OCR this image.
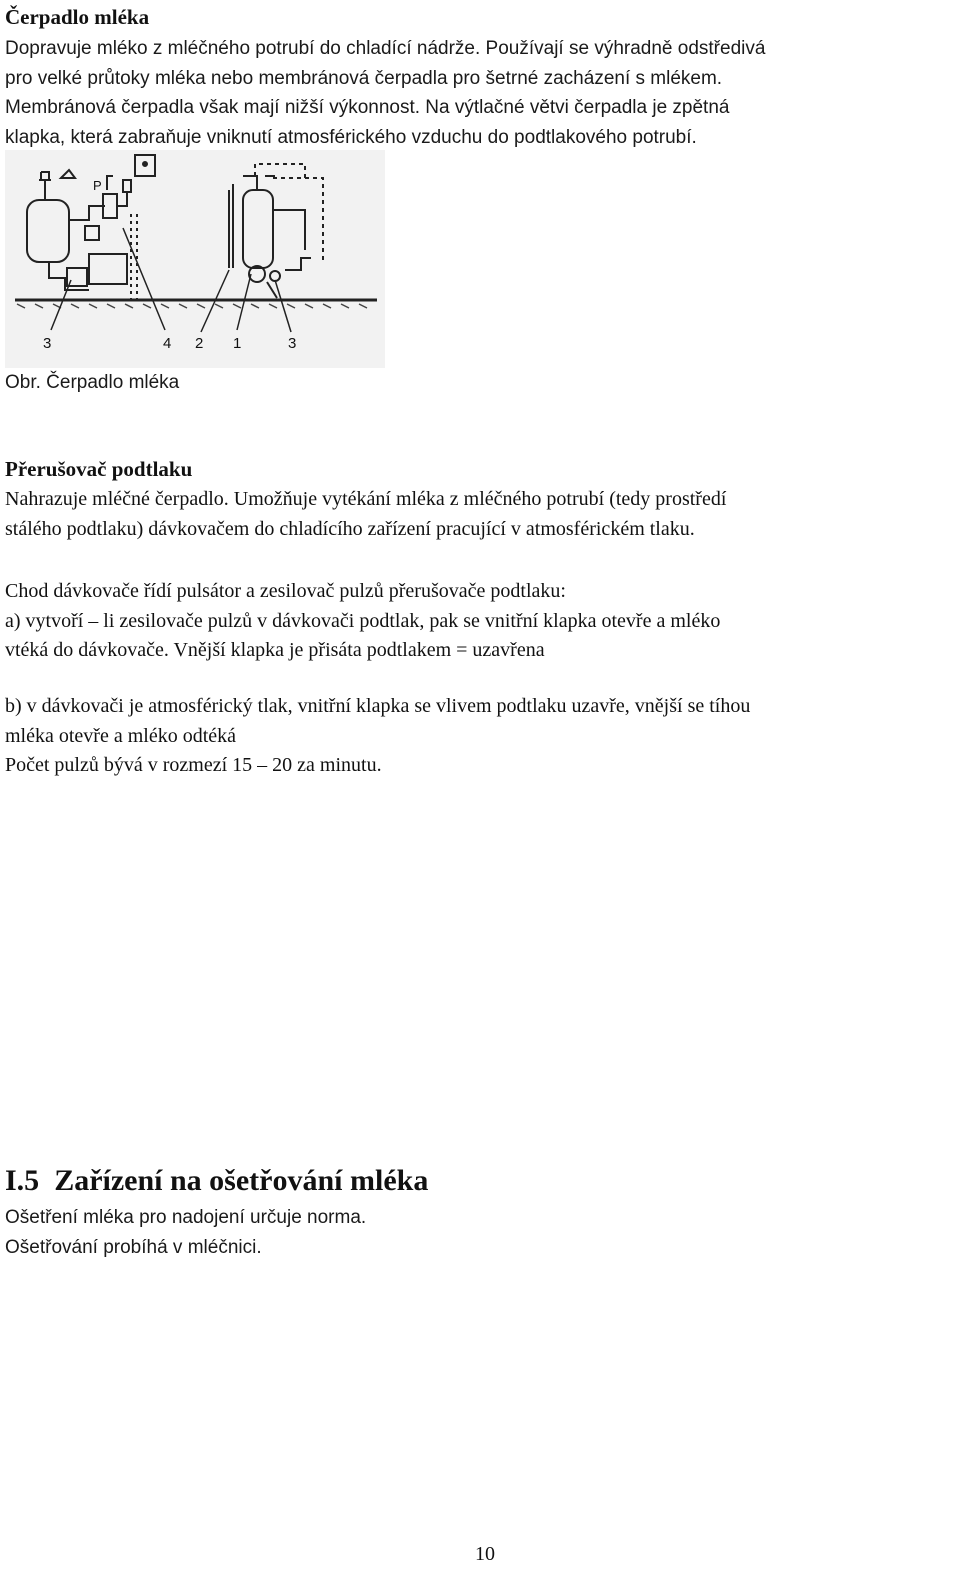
Čerpadlo mléka
Dopravuje mléko z mléčného potrubí do chladící nádrže. Používají se výhradně odstředivá
pro velké průtoky mléka nebo membránová čerpadla pro šetrné zacházení s mlékem.
Membránová čerpadla však mají nižší výkonnost. Na výtlačné větvi čerpadla je zpětná
klapka, která zabraňuje vniknutí atmosférického vzduchu do podtlakového potrubí.
3	4 2 1	3
P
Obr. Čerpadlo mléka
Přerušovač podtlaku
Nahrazuje mléčné čerpadlo. Umožňuje vytékání mléka z mléčného potrubí (tedy prostředí
stálého podtlaku) dávkovačem do chladícího zařízení pracující v atmosférickém tlaku.
Chod dávkovače řídí pulsátor a zesilovač pulzů přerušovače podtlaku:
a) vytvoří – li zesilovače pulzů v dávkovači podtlak, pak se vnitřní klapka otevře a mléko
vtéká do dávkovače. Vnější klapka je přisáta podtlakem = uzavřena
b) v dávkovači je atmosférický tlak, vnitřní klapka se vlivem podtlaku uzavře, vnější se tíhou
mléka otevře a mléko odtéká
Počet pulzů bývá v rozmezí 15 – 20 za minutu.
I.5 Zařízení na ošetřování mléka
Ošetření mléka pro nadojení určuje norma.
Ošetřování probíhá v mléčnici.
10
